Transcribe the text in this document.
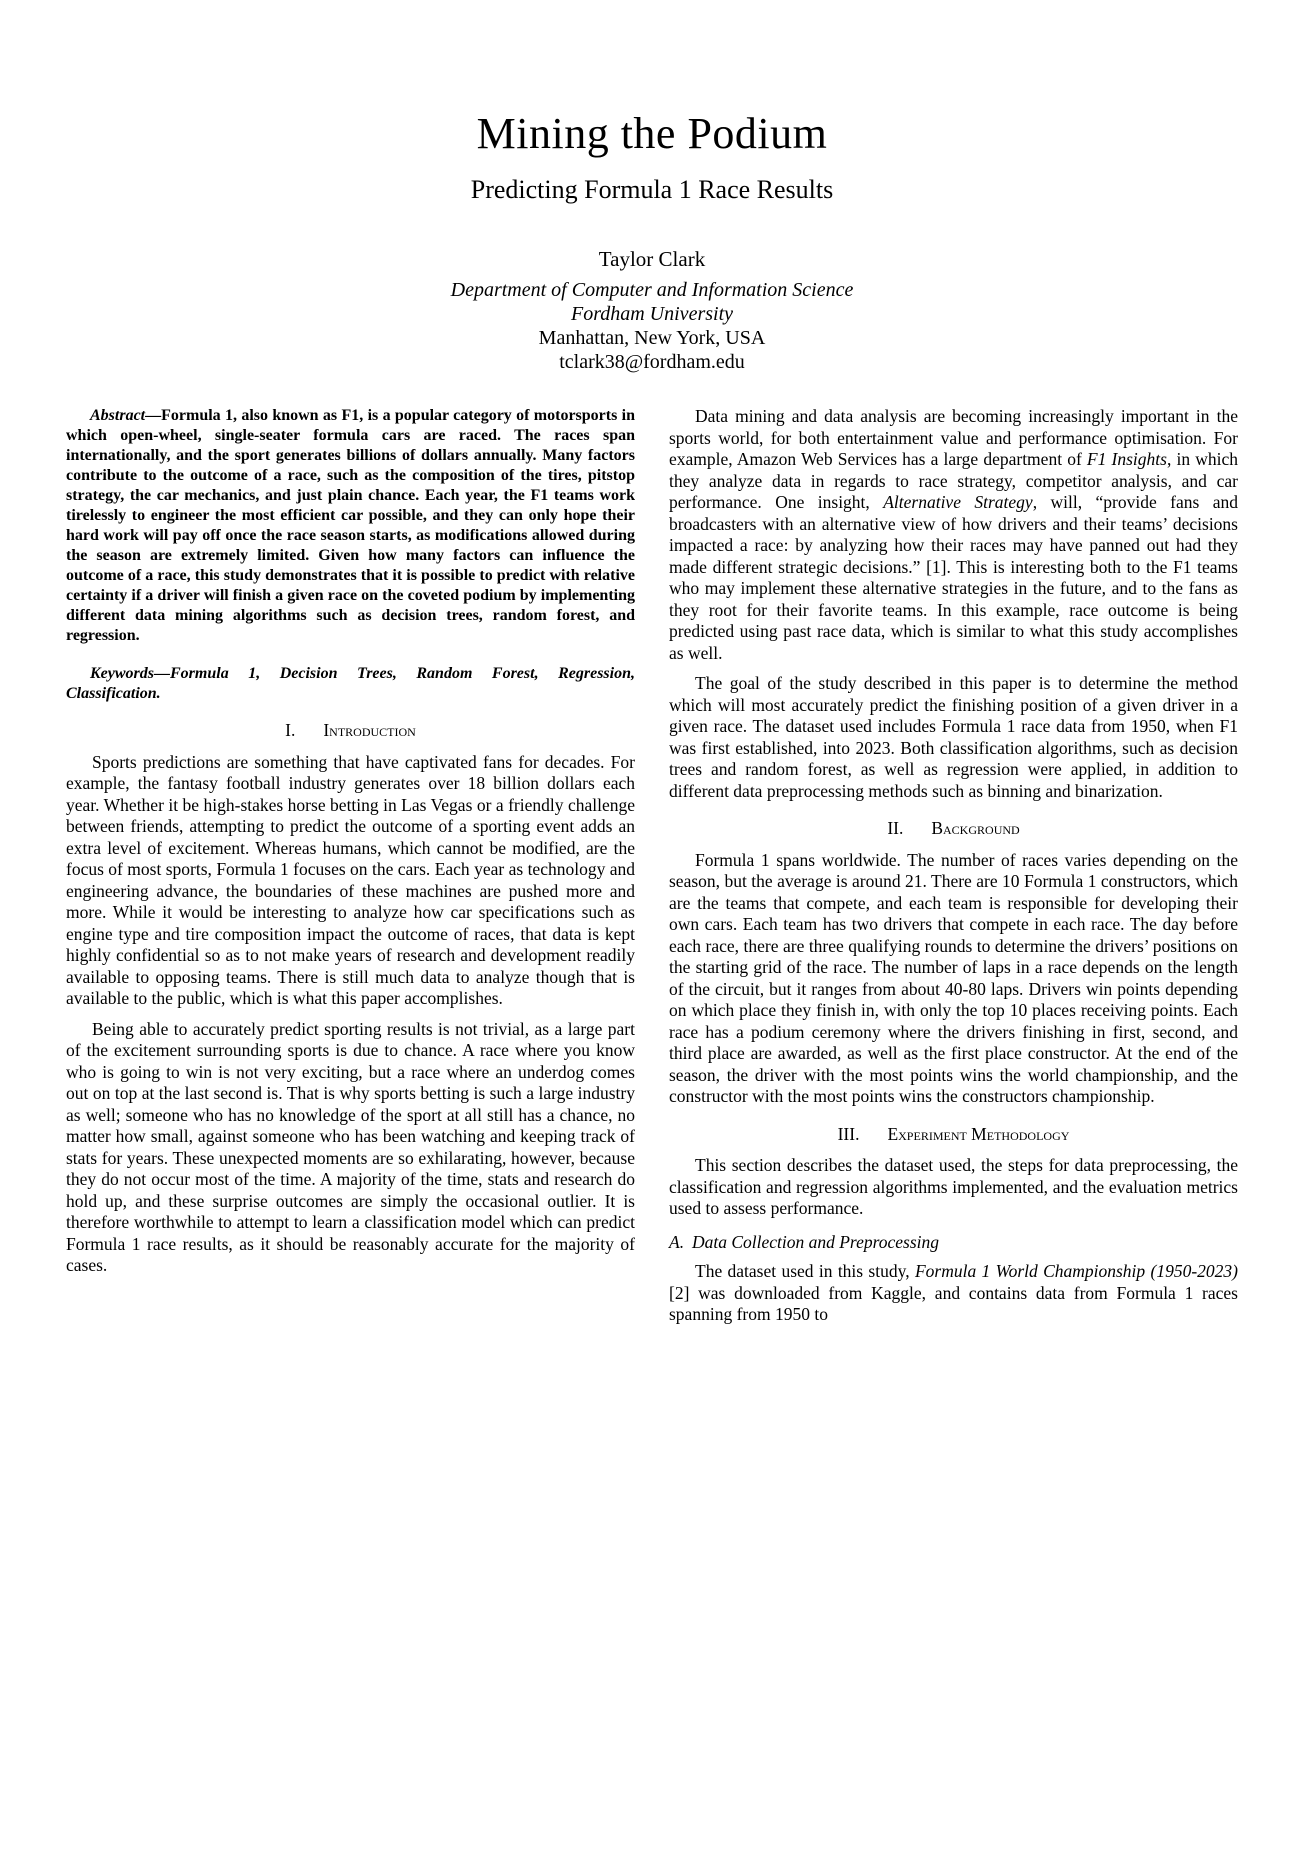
Mining the Podium
Predicting Formula 1 Race Results
Taylor Clark
Department of Computer and Information Science
Fordham University
Manhattan, New York, USA
tclark38@fordham.edu

Abstract—Formula 1, also known as F1, is a popular category of motorsports in which open-wheel, single-seater formula cars are raced. The races span internationally, and the sport generates billions of dollars annually. Many factors contribute to the outcome of a race, such as the composition of the tires, pitstop strategy, the car mechanics, and just plain chance. Each year, the F1 teams work tirelessly to engineer the most efficient car possible, and they can only hope their hard work will pay off once the race season starts, as modifications allowed during the season are extremely limited. Given how many factors can influence the outcome of a race, this study demonstrates that it is possible to predict with relative certainty if a driver will finish a given race on the coveted podium by implementing different data mining algorithms such as decision trees, random forest, and regression.

Keywords—Formula 1, Decision Trees, Random Forest, Regression, Classification.

I. Introduction

Sports predictions are something that have captivated fans for decades. For example, the fantasy football industry generates over 18 billion dollars each year. Whether it be high-stakes horse betting in Las Vegas or a friendly challenge between friends, attempting to predict the outcome of a sporting event adds an extra level of excitement. Whereas humans, which cannot be modified, are the focus of most sports, Formula 1 focuses on the cars. Each year as technology and engineering advance, the boundaries of these machines are pushed more and more. While it would be interesting to analyze how car specifications such as engine type and tire composition impact the outcome of races, that data is kept highly confidential so as to not make years of research and development readily available to opposing teams. There is still much data to analyze though that is available to the public, which is what this paper accomplishes.

Being able to accurately predict sporting results is not trivial, as a large part of the excitement surrounding sports is due to chance. A race where you know who is going to win is not very exciting, but a race where an underdog comes out on top at the last second is. That is why sports betting is such a large industry as well; someone who has no knowledge of the sport at all still has a chance, no matter how small, against someone who has been watching and keeping track of stats for years. These unexpected moments are so exhilarating, however, because they do not occur most of the time. A majority of the time, stats and research do hold up, and these surprise outcomes are simply the occasional outlier. It is therefore worthwhile to attempt to learn a classification model which can predict Formula 1 race results, as it should be reasonably accurate for the majority of cases.

Data mining and data analysis are becoming increasingly important in the sports world, for both entertainment value and performance optimisation. For example, Amazon Web Services has a large department of F1 Insights, in which they analyze data in regards to race strategy, competitor analysis, and car performance. One insight, Alternative Strategy, will, “provide fans and broadcasters with an alternative view of how drivers and their teams’ decisions impacted a race: by analyzing how their races may have panned out had they made different strategic decisions.” [1]. This is interesting both to the F1 teams who may implement these alternative strategies in the future, and to the fans as they root for their favorite teams. In this example, race outcome is being predicted using past race data, which is similar to what this study accomplishes as well.

The goal of the study described in this paper is to determine the method which will most accurately predict the finishing position of a given driver in a given race. The dataset used includes Formula 1 race data from 1950, when F1 was first established, into 2023. Both classification algorithms, such as decision trees and random forest, as well as regression were applied, in addition to different data preprocessing methods such as binning and binarization.

II. Background

Formula 1 spans worldwide. The number of races varies depending on the season, but the average is around 21. There are 10 Formula 1 constructors, which are the teams that compete, and each team is responsible for developing their own cars. Each team has two drivers that compete in each race. The day before each race, there are three qualifying rounds to determine the drivers’ positions on the starting grid of the race. The number of laps in a race depends on the length of the circuit, but it ranges from about 40-80 laps. Drivers win points depending on which place they finish in, with only the top 10 places receiving points. Each race has a podium ceremony where the drivers finishing in first, second, and third place are awarded, as well as the first place constructor. At the end of the season, the driver with the most points wins the world championship, and the constructor with the most points wins the constructors championship.

III. Experiment Methodology

This section describes the dataset used, the steps for data preprocessing, the classification and regression algorithms implemented, and the evaluation metrics used to assess performance.

A. Data Collection and Preprocessing

The dataset used in this study, Formula 1 World Championship (1950-2023) [2] was downloaded from Kaggle, and contains data from Formula 1 races spanning from 1950 to
